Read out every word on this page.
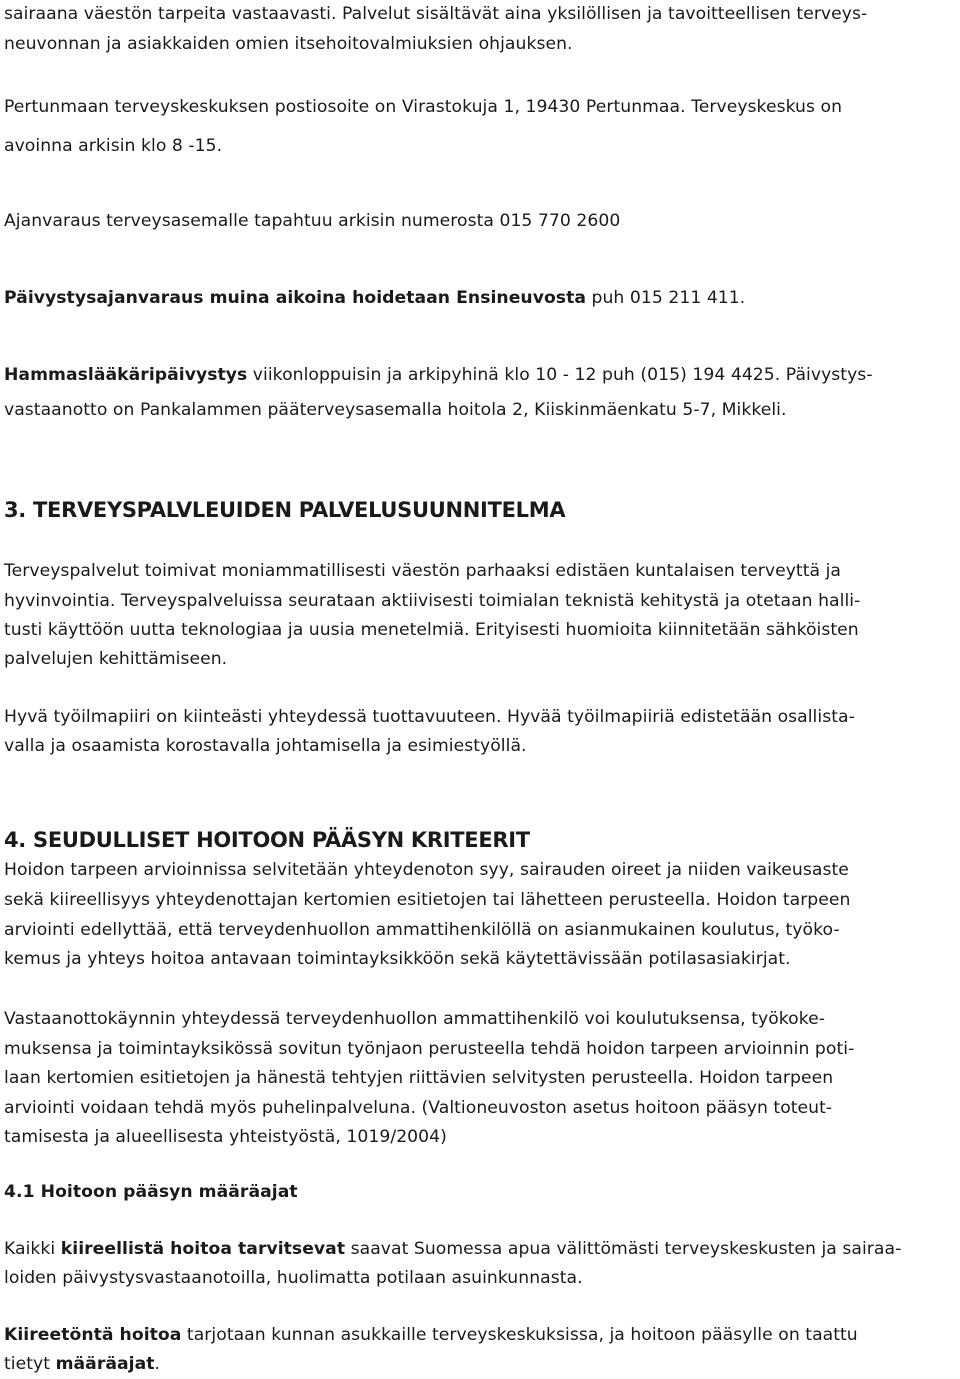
sairaana väestön tarpeita vastaavasti. Palvelut sisältävät aina yksilöllisen ja tavoitteellisen terveys-
neuvonnan ja asiakkaiden omien itsehoitovalmiuksien ohjauksen.
Pertunmaan terveyskeskuksen postiosoite on Virastokuja 1, 19430 Pertunmaa. Terveyskeskus on
avoinna arkisin klo 8 -15.
Ajanvaraus terveysasemalle tapahtuu arkisin numerosta 015 770 2600
Päivystysajanvaraus muina aikoina hoidetaan Ensineuvosta puh 015 211 411.
Hammaslääkäripäivystys viikonloppuisin ja arkipyhinä klo 10 - 12 puh (015) 194 4425. Päivystys-
vastaanotto on Pankalammen pääterveysasemalla hoitola 2, Kiiskinmäenkatu 5-7, Mikkeli.
3. TERVEYSPALVLEUIDEN PALVELUSUUNNITELMA
Terveyspalvelut toimivat moniammatillisesti väestön parhaaksi edistäen kuntalaisen terveyttä ja
hyvinvointia. Terveyspalveluissa seurataan aktiivisesti toimialan teknistä kehitystä ja otetaan halli-
tusti käyttöön uutta teknologiaa ja uusia menetelmiä. Erityisesti huomioita kiinnitetään sähköisten
palvelujen kehittämiseen.
Hyvä työilmapiiri on kiinteästi yhteydessä tuottavuuteen. Hyvää työilmapiiriä edistetään osallista-
valla ja osaamista korostavalla johtamisella ja esimiestyöllä.
4. SEUDULLISET HOITOON PÄÄSYN KRITEERIT
Hoidon tarpeen arvioinnissa selvitetään yhteydenoton syy, sairauden oireet ja niiden vaikeusaste
sekä kiireellisyys yhteydenottajan kertomien esitietojen tai lähetteen perusteella. Hoidon tarpeen
arviointi edellyttää, että terveydenhuollon ammattihenkilöllä on asianmukainen koulutus, työko-
kemus ja yhteys hoitoa antavaan toimintayksikköön sekä käytettävissään potilasasiakirjat.
Vastaanottokäynnin yhteydessä terveydenhuollon ammattihenkilö voi koulutuksensa, työkoke-
muksensa ja toimintayksikössä sovitun työnjaon perusteella tehdä hoidon tarpeen arvioinnin poti-
laan kertomien esitietojen ja hänestä tehtyjen riittävien selvitysten perusteella. Hoidon tarpeen
arviointi voidaan tehdä myös puhelinpalveluna. (Valtioneuvoston asetus hoitoon pääsyn toteut-
tamisesta ja alueellisesta yhteistyöstä, 1019/2004)
4.1 Hoitoon pääsyn määräajat
Kaikki kiireellistä hoitoa tarvitsevat saavat Suomessa apua välittömästi terveyskeskusten ja sairaa-
loiden päivystysvastaanotoilla, huolimatta potilaan asuinkunnasta.
Kiireetöntä hoitoa tarjotaan kunnan asukkaille terveyskeskuksissa, ja hoitoon pääsylle on taattu
tietyt määräajat.
